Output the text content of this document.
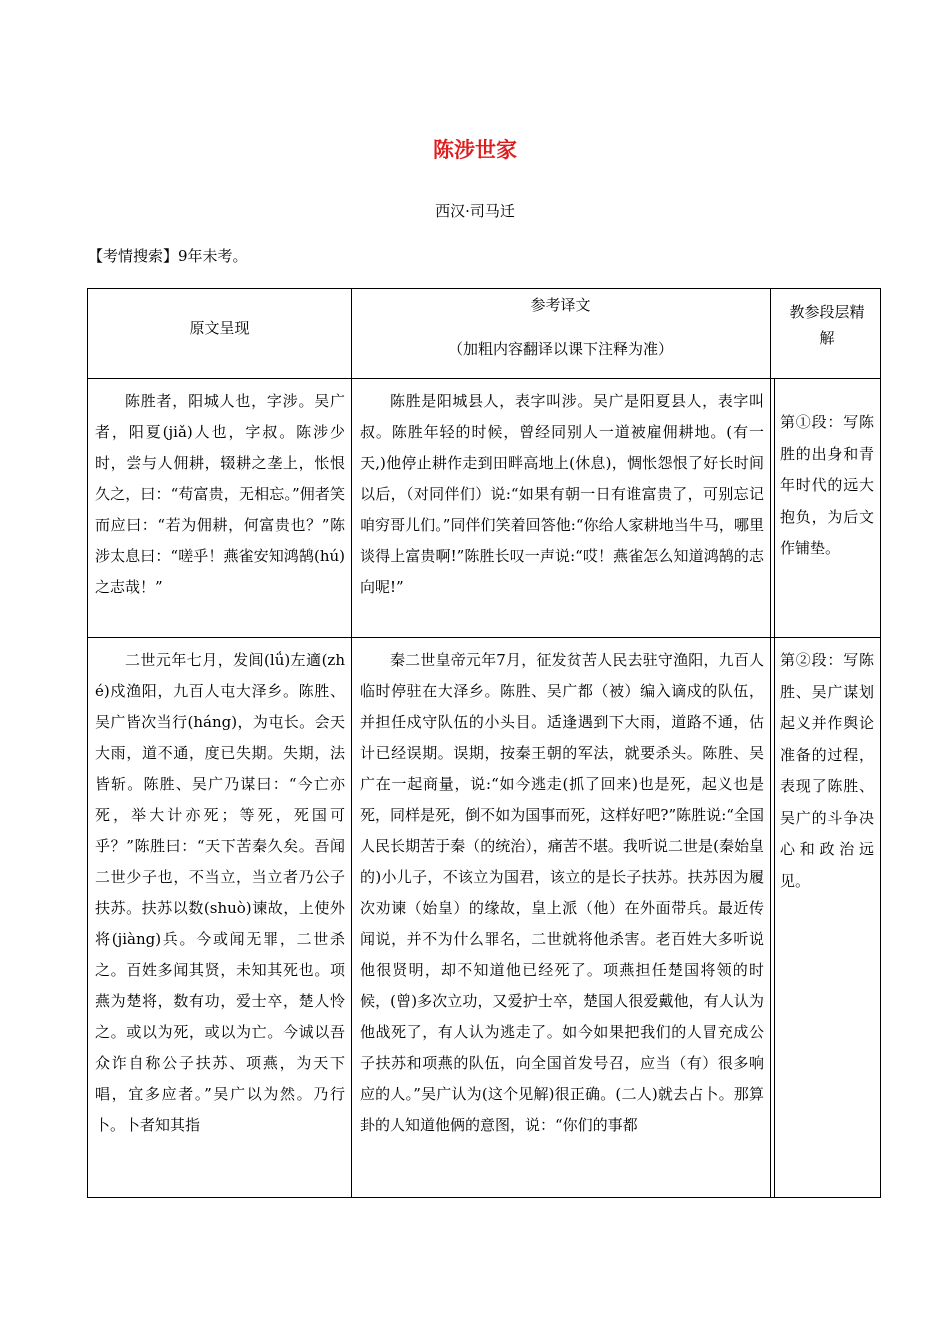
陈涉世家
西汉·司马迁
【考情搜索】9年未考。
原文呈现
参考译文
（加粗内容翻译以课下注释为准）
教参段层精解

陈胜者，阳城人也，字涉。吴广者，阳夏(jiǎ)人也，字叔。陈涉少时，尝与人佣耕，辍耕之垄上，怅恨久之，曰：“苟富贵，无相忘。”佣者笑而应曰：“若为佣耕，何富贵也？”陈涉太息曰：“嗟乎！燕雀安知鸿鹄(hú)之志哉！”

陈胜是阳城县人，表字叫涉。吴广是阳夏县人，表字叫叔。陈胜年轻的时候，曾经同别人一道被雇佣耕地。(有一天,)他停止耕作走到田畔高地上(休息)，惆怅怨恨了好长时间以后，（对同伴们）说:“如果有朝一日有谁富贵了，可别忘记咱穷哥儿们。”同伴们笑着回答他:“你给人家耕地当牛马，哪里谈得上富贵啊!”陈胜长叹一声说:“哎！燕雀怎么知道鸿鹄的志向呢!”

第①段：写陈胜的出身和青年时代的远大抱负，为后文作铺垫。

二世元年七月，发闾(lǘ)左適(zhé)戍渔阳，九百人屯大泽乡。陈胜、吴广皆次当行(háng)，为屯长。会天大雨，道不通，度已失期。失期，法皆斩。陈胜、吴广乃谋曰：“今亡亦死，举大计亦死；等死，死国可乎？”陈胜曰：“天下苦秦久矣。吾闻二世少子也，不当立，当立者乃公子扶苏。扶苏以数(shuò)谏故，上使外将(jiàng)兵。今或闻无罪，二世杀之。百姓多闻其贤，未知其死也。项燕为楚将，数有功，爱士卒，楚人怜之。或以为死，或以为亡。今诚以吾众诈自称公子扶苏、项燕，为天下唱，宜多应者。”吴广以为然。乃行卜。卜者知其指

秦二世皇帝元年7月，征发贫苦人民去驻守渔阳，九百人临时停驻在大泽乡。陈胜、吴广都（被）编入谪戍的队伍，并担任戍守队伍的小头目。适逢遇到下大雨，道路不通，估计已经误期。误期，按秦王朝的军法，就要杀头。陈胜、吴广在一起商量，说:“如今逃走(抓了回来)也是死，起义也是死，同样是死，倒不如为国事而死，这样好吧?”陈胜说:“全国人民长期苦于秦（的统治），痛苦不堪。我听说二世是(秦始皇的)小儿子，不该立为国君，该立的是长子扶苏。扶苏因为履次劝谏（始皇）的缘故，皇上派（他）在外面带兵。最近传闻说，并不为什么罪名，二世就将他杀害。老百姓大多听说他很贤明，却不知道他已经死了。项燕担任楚国将领的时候，(曾)多次立功，又爱护士卒，楚国人很爱戴他，有人认为他战死了，有人认为逃走了。如今如果把我们的人冒充成公子扶苏和项燕的队伍，向全国首发号召，应当（有）很多响应的人。”吴广认为(这个见解)很正确。(二人)就去占卜。那算卦的人知道他俩的意图，说：“你们的事都

第②段：写陈胜、吴广谋划起义并作舆论准备的过程，表现了陈胜、吴广的斗争决心和政治远见。
